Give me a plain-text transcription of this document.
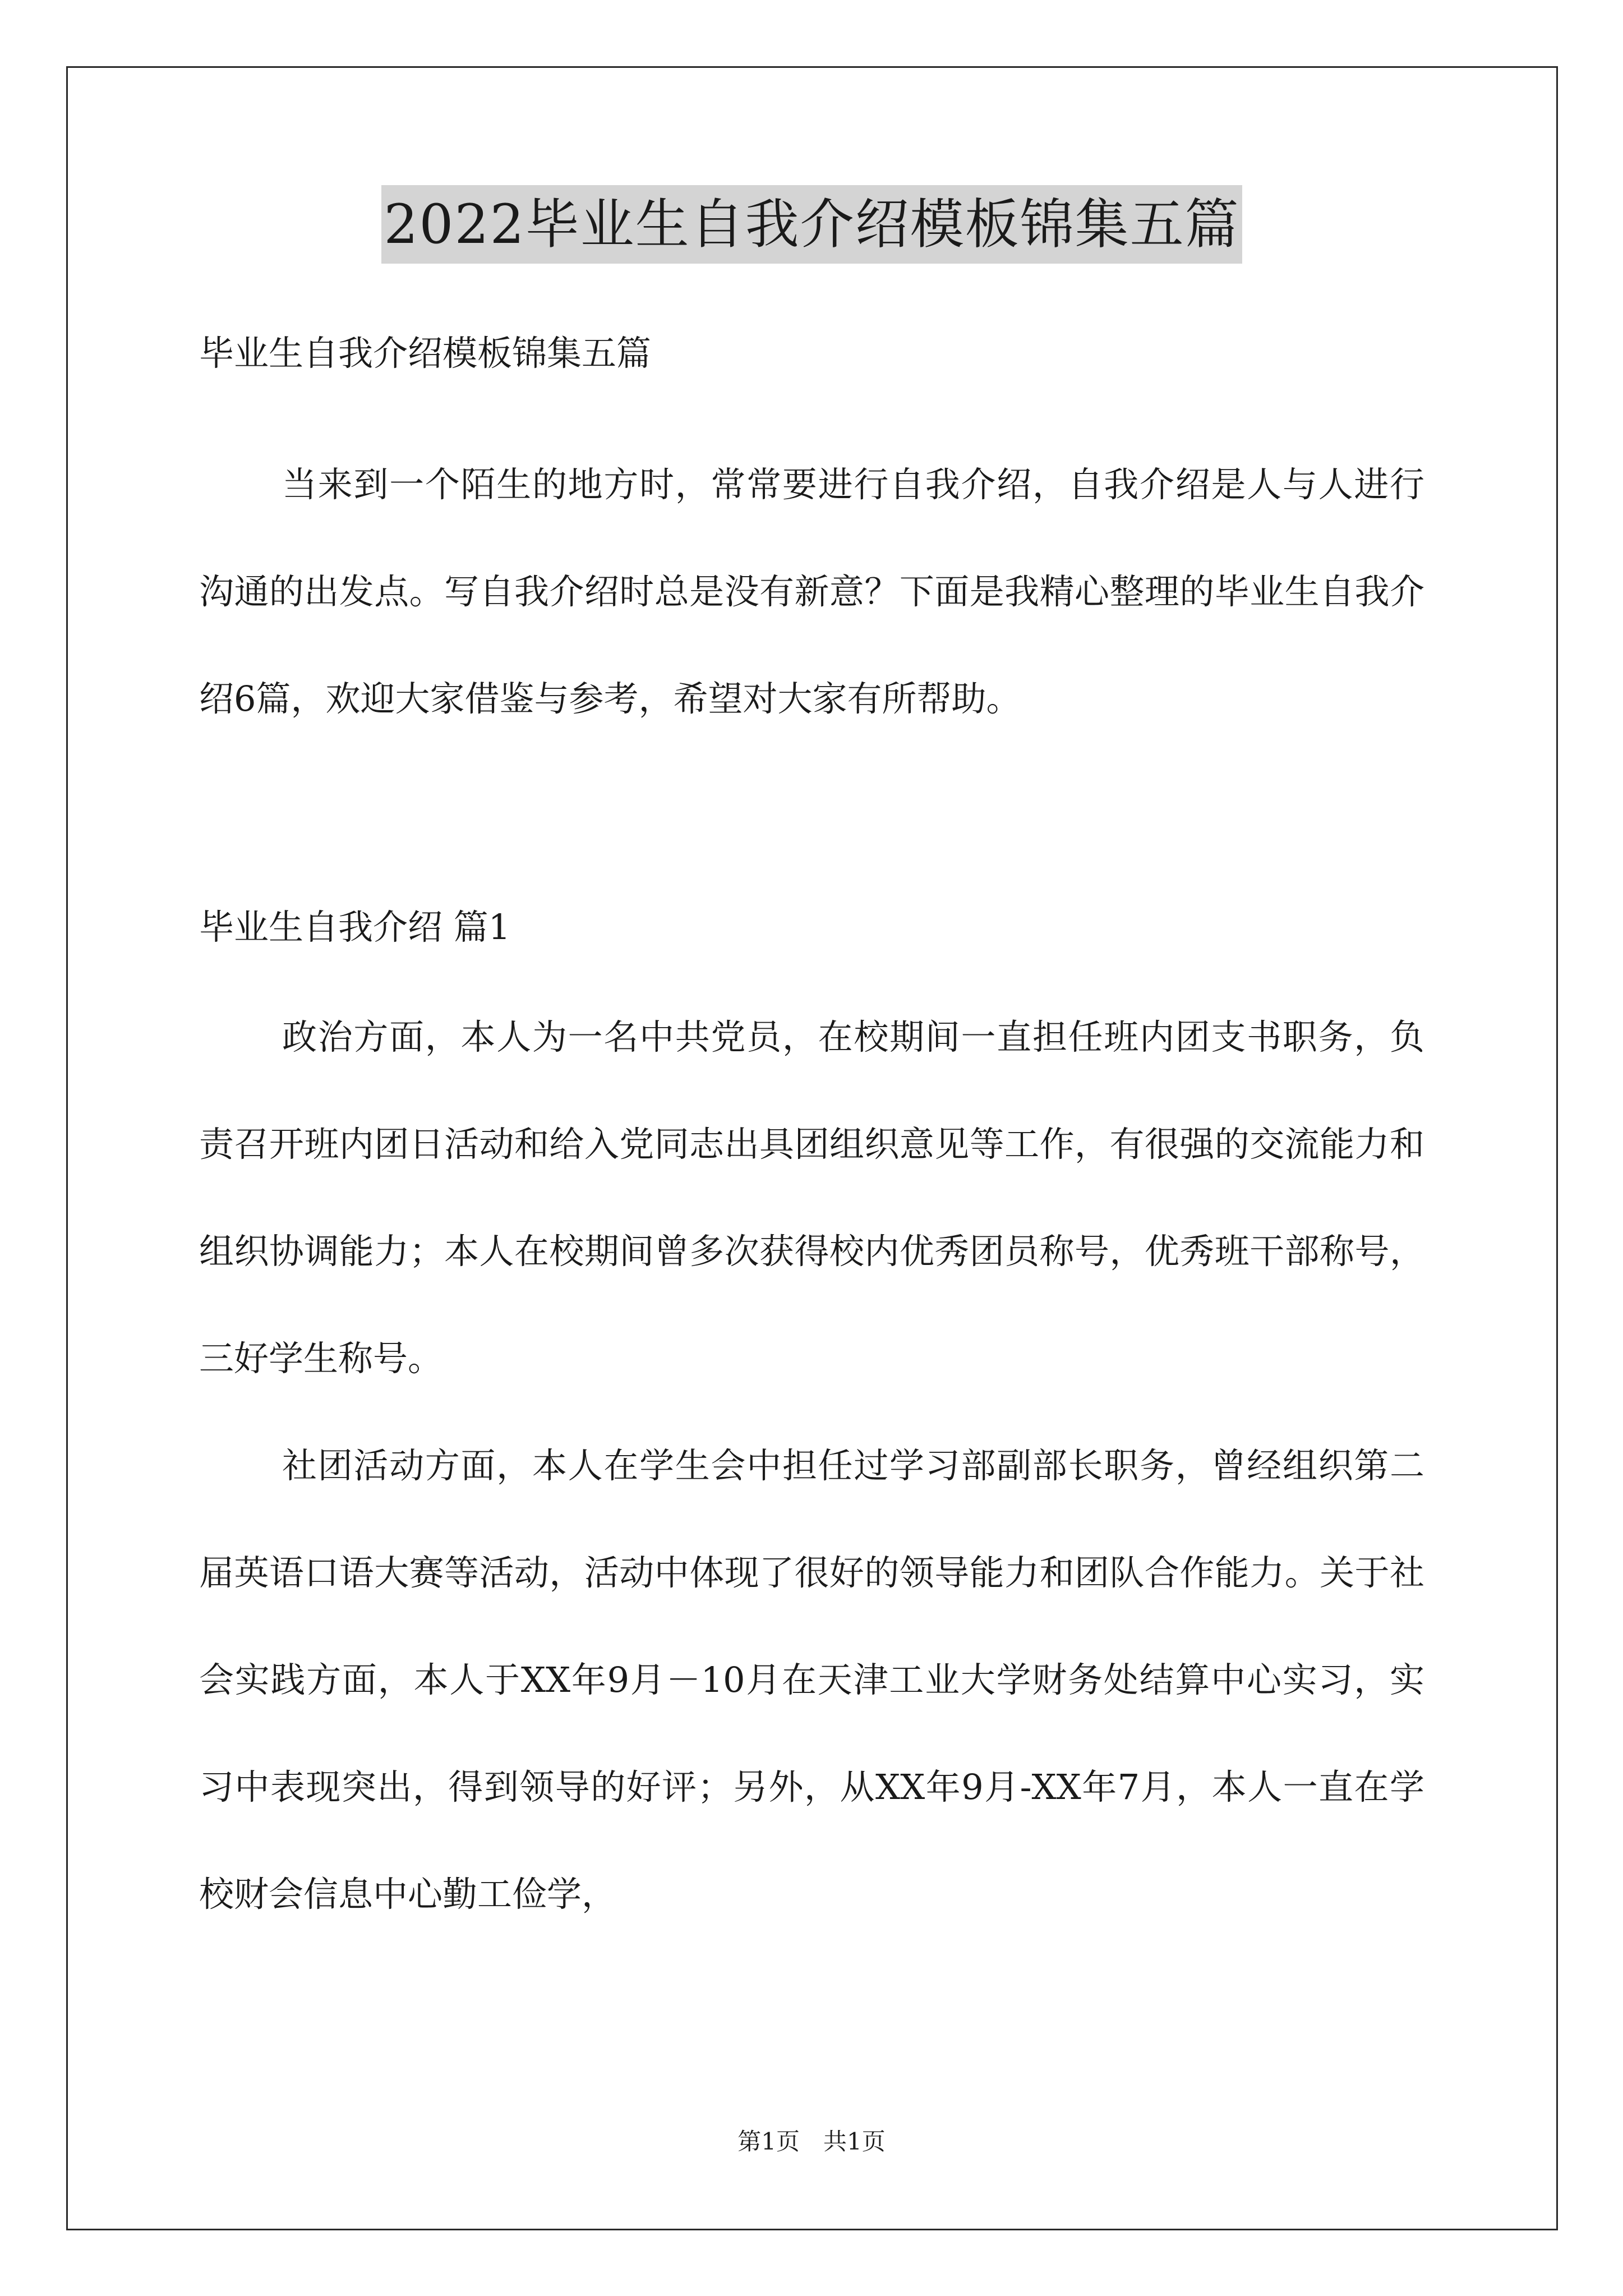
2022毕业生自我介绍模板锦集五篇
毕业生自我介绍模板锦集五篇

当来到一个陌生的地方时，常常要进行自我介绍，自我介绍是人与人进行沟通的出发点。写自我介绍时总是没有新意？下面是我精心整理的毕业生自我介绍6篇，欢迎大家借鉴与参考，希望对大家有所帮助。

毕业生自我介绍 篇1

政治方面，本人为一名中共党员，在校期间一直担任班内团支书职务，负责召开班内团日活动和给入党同志出具团组织意见等工作，有很强的交流能力和组织协调能力；本人在校期间曾多次获得校内优秀团员称号，优秀班干部称号，三好学生称号。

社团活动方面，本人在学生会中担任过学习部副部长职务，曾经组织第二届英语口语大赛等活动，活动中体现了很好的领导能力和团队合作能力。关于社会实践方面，本人于XX年9月－10月在天津工业大学财务处结算中心实习，实习中表现突出，得到领导的好评；另外，从XX年9月-XX年7月，本人一直在学校财会信息中心勤工俭学，

第1页　共1页
